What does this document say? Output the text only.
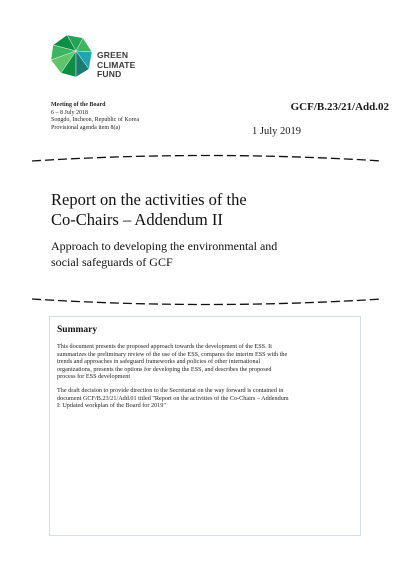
GREEN
CLIMATE
FUND
Meeting of the Board
6 – 8 July 2018
Songdo, Incheon, Republic of Korea
Provisional agenda item 8(a)
GCF/B.23/21/Add.02
1 July 2019
Report on the activities of the
Co-Chairs – Addendum II
Approach to developing the environmental and
social safeguards of GCF
Summary
This document presents the proposed approach towards the development of the ESS. It
summarizes the preliminary review of the use of the ESS, compares the interim ESS with the
trends and approaches in safeguard frameworks and policies of other international
organizations, presents the options for developing the ESS, and describes the proposed
process for ESS development
The draft decision to provide direction to the Secretariat on the way forward is contained in
document GCF/B.23/21/Add.01 titled "Report on the activities of the Co-Chairs – Addendum
I: Updated workplan of the Board for 2019"
